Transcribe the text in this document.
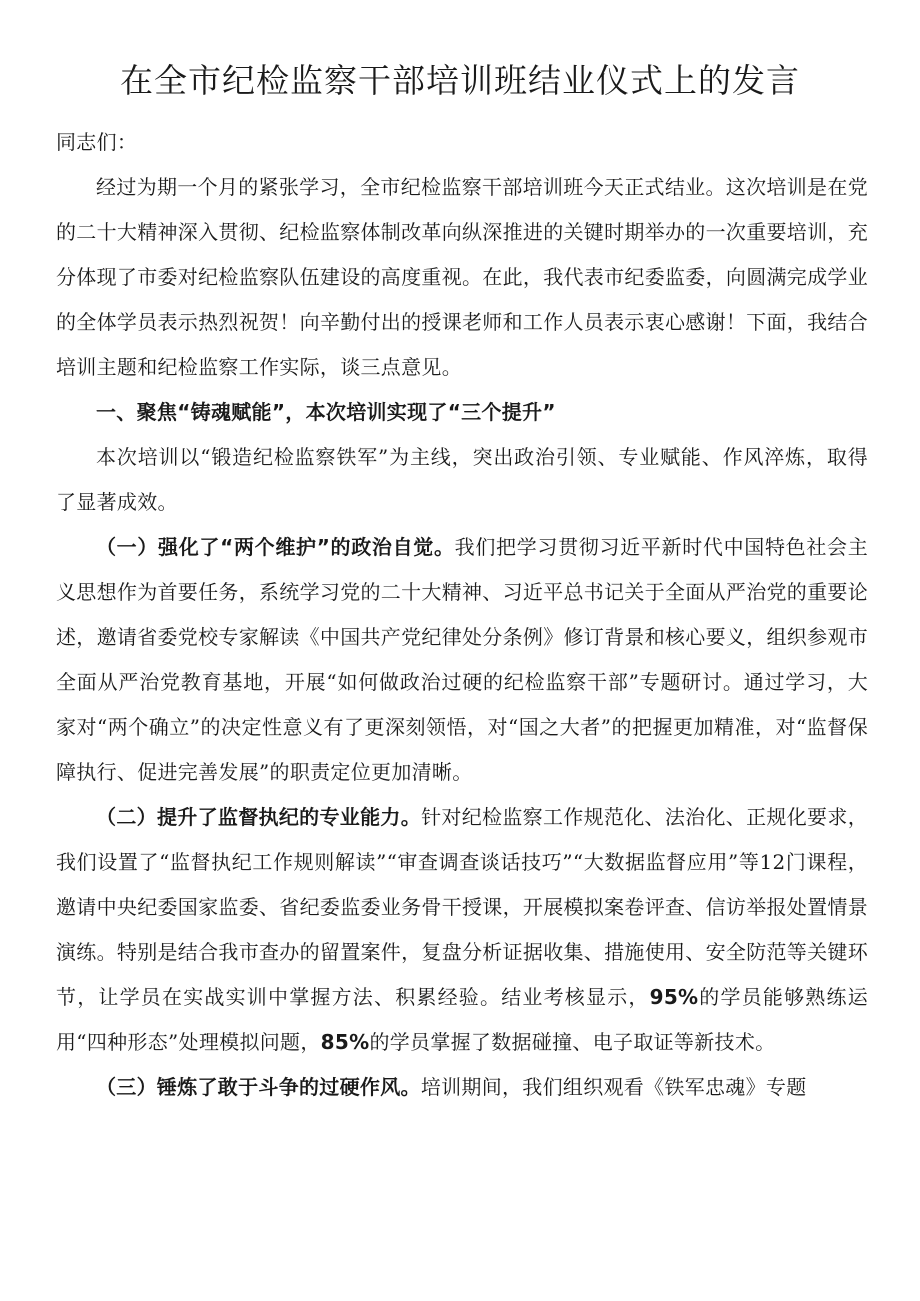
在全市纪检监察干部培训班结业仪式上的发言

同志们：

经过为期一个月的紧张学习，全市纪检监察干部培训班今天正式结业。这次培训是在党的二十大精神深入贯彻、纪检监察体制改革向纵深推进的关键时期举办的一次重要培训，充分体现了市委对纪检监察队伍建设的高度重视。在此，我代表市纪委监委，向圆满完成学业的全体学员表示热烈祝贺！向辛勤付出的授课老师和工作人员表示衷心感谢！下面，我结合培训主题和纪检监察工作实际，谈三点意见。

一、聚焦“铸魂赋能”，本次培训实现了“三个提升”

本次培训以“锻造纪检监察铁军”为主线，突出政治引领、专业赋能、作风淬炼，取得了显著成效。

（一）强化了“两个维护”的政治自觉。我们把学习贯彻习近平新时代中国特色社会主义思想作为首要任务，系统学习党的二十大精神、习近平总书记关于全面从严治党的重要论述，邀请省委党校专家解读《中国共产党纪律处分条例》修订背景和核心要义，组织参观市全面从严治党教育基地，开展“如何做政治过硬的纪检监察干部”专题研讨。通过学习，大家对“两个确立”的决定性意义有了更深刻领悟，对“国之大者”的把握更加精准，对“监督保障执行、促进完善发展”的职责定位更加清晰。

（二）提升了监督执纪的专业能力。针对纪检监察工作规范化、法治化、正规化要求，我们设置了“监督执纪工作规则解读”“审查调查谈话技巧”“大数据监督应用”等12门课程，邀请中央纪委国家监委、省纪委监委业务骨干授课，开展模拟案卷评查、信访举报处置情景演练。特别是结合我市查办的留置案件，复盘分析证据收集、措施使用、安全防范等关键环节，让学员在实战实训中掌握方法、积累经验。结业考核显示，95%的学员能够熟练运用“四种形态”处理模拟问题，85%的学员掌握了数据碰撞、电子取证等新技术。

（三）锤炼了敢于斗争的过硬作风。培训期间，我们组织观看《铁军忠魂》专题
